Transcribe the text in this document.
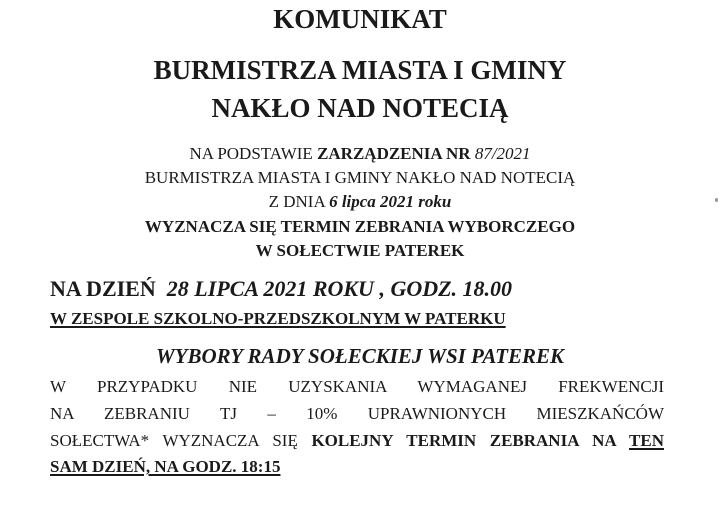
KOMUNIKAT
BURMISTRZA MIASTA I GMINY
NAKŁO NAD NOTECIĄ
NA PODSTAWIE ZARZĄDZENIA NR 87/2021
BURMISTRZA MIASTA I GMINY NAKŁO NAD NOTECIĄ
Z DNIA 6 lipca 2021 roku
WYZNACZA SIĘ TERMIN ZEBRANIA WYBORCZEGO
W SOŁECTWIE PATEREK
NA DZIEŃ 28 LIPCA 2021 ROKU , GODZ. 18.00
W ZESPOLE SZKOLNO-PRZEDSZKOLNYM W PATERKU
WYBORY RADY SOŁECKIEJ WSI PATEREK
W PRZYPADKU NIE UZYSKANIA WYMAGANEJ FREKWENCJI
NA ZEBRANIU TJ – 10% UPRAWNIONYCH MIESZKAŃCÓW
SOŁECTWA* WYZNACZA SIĘ KOLEJNY TERMIN ZEBRANIA NA TEN
SAM DZIEŃ, NA GODZ. 18:15
